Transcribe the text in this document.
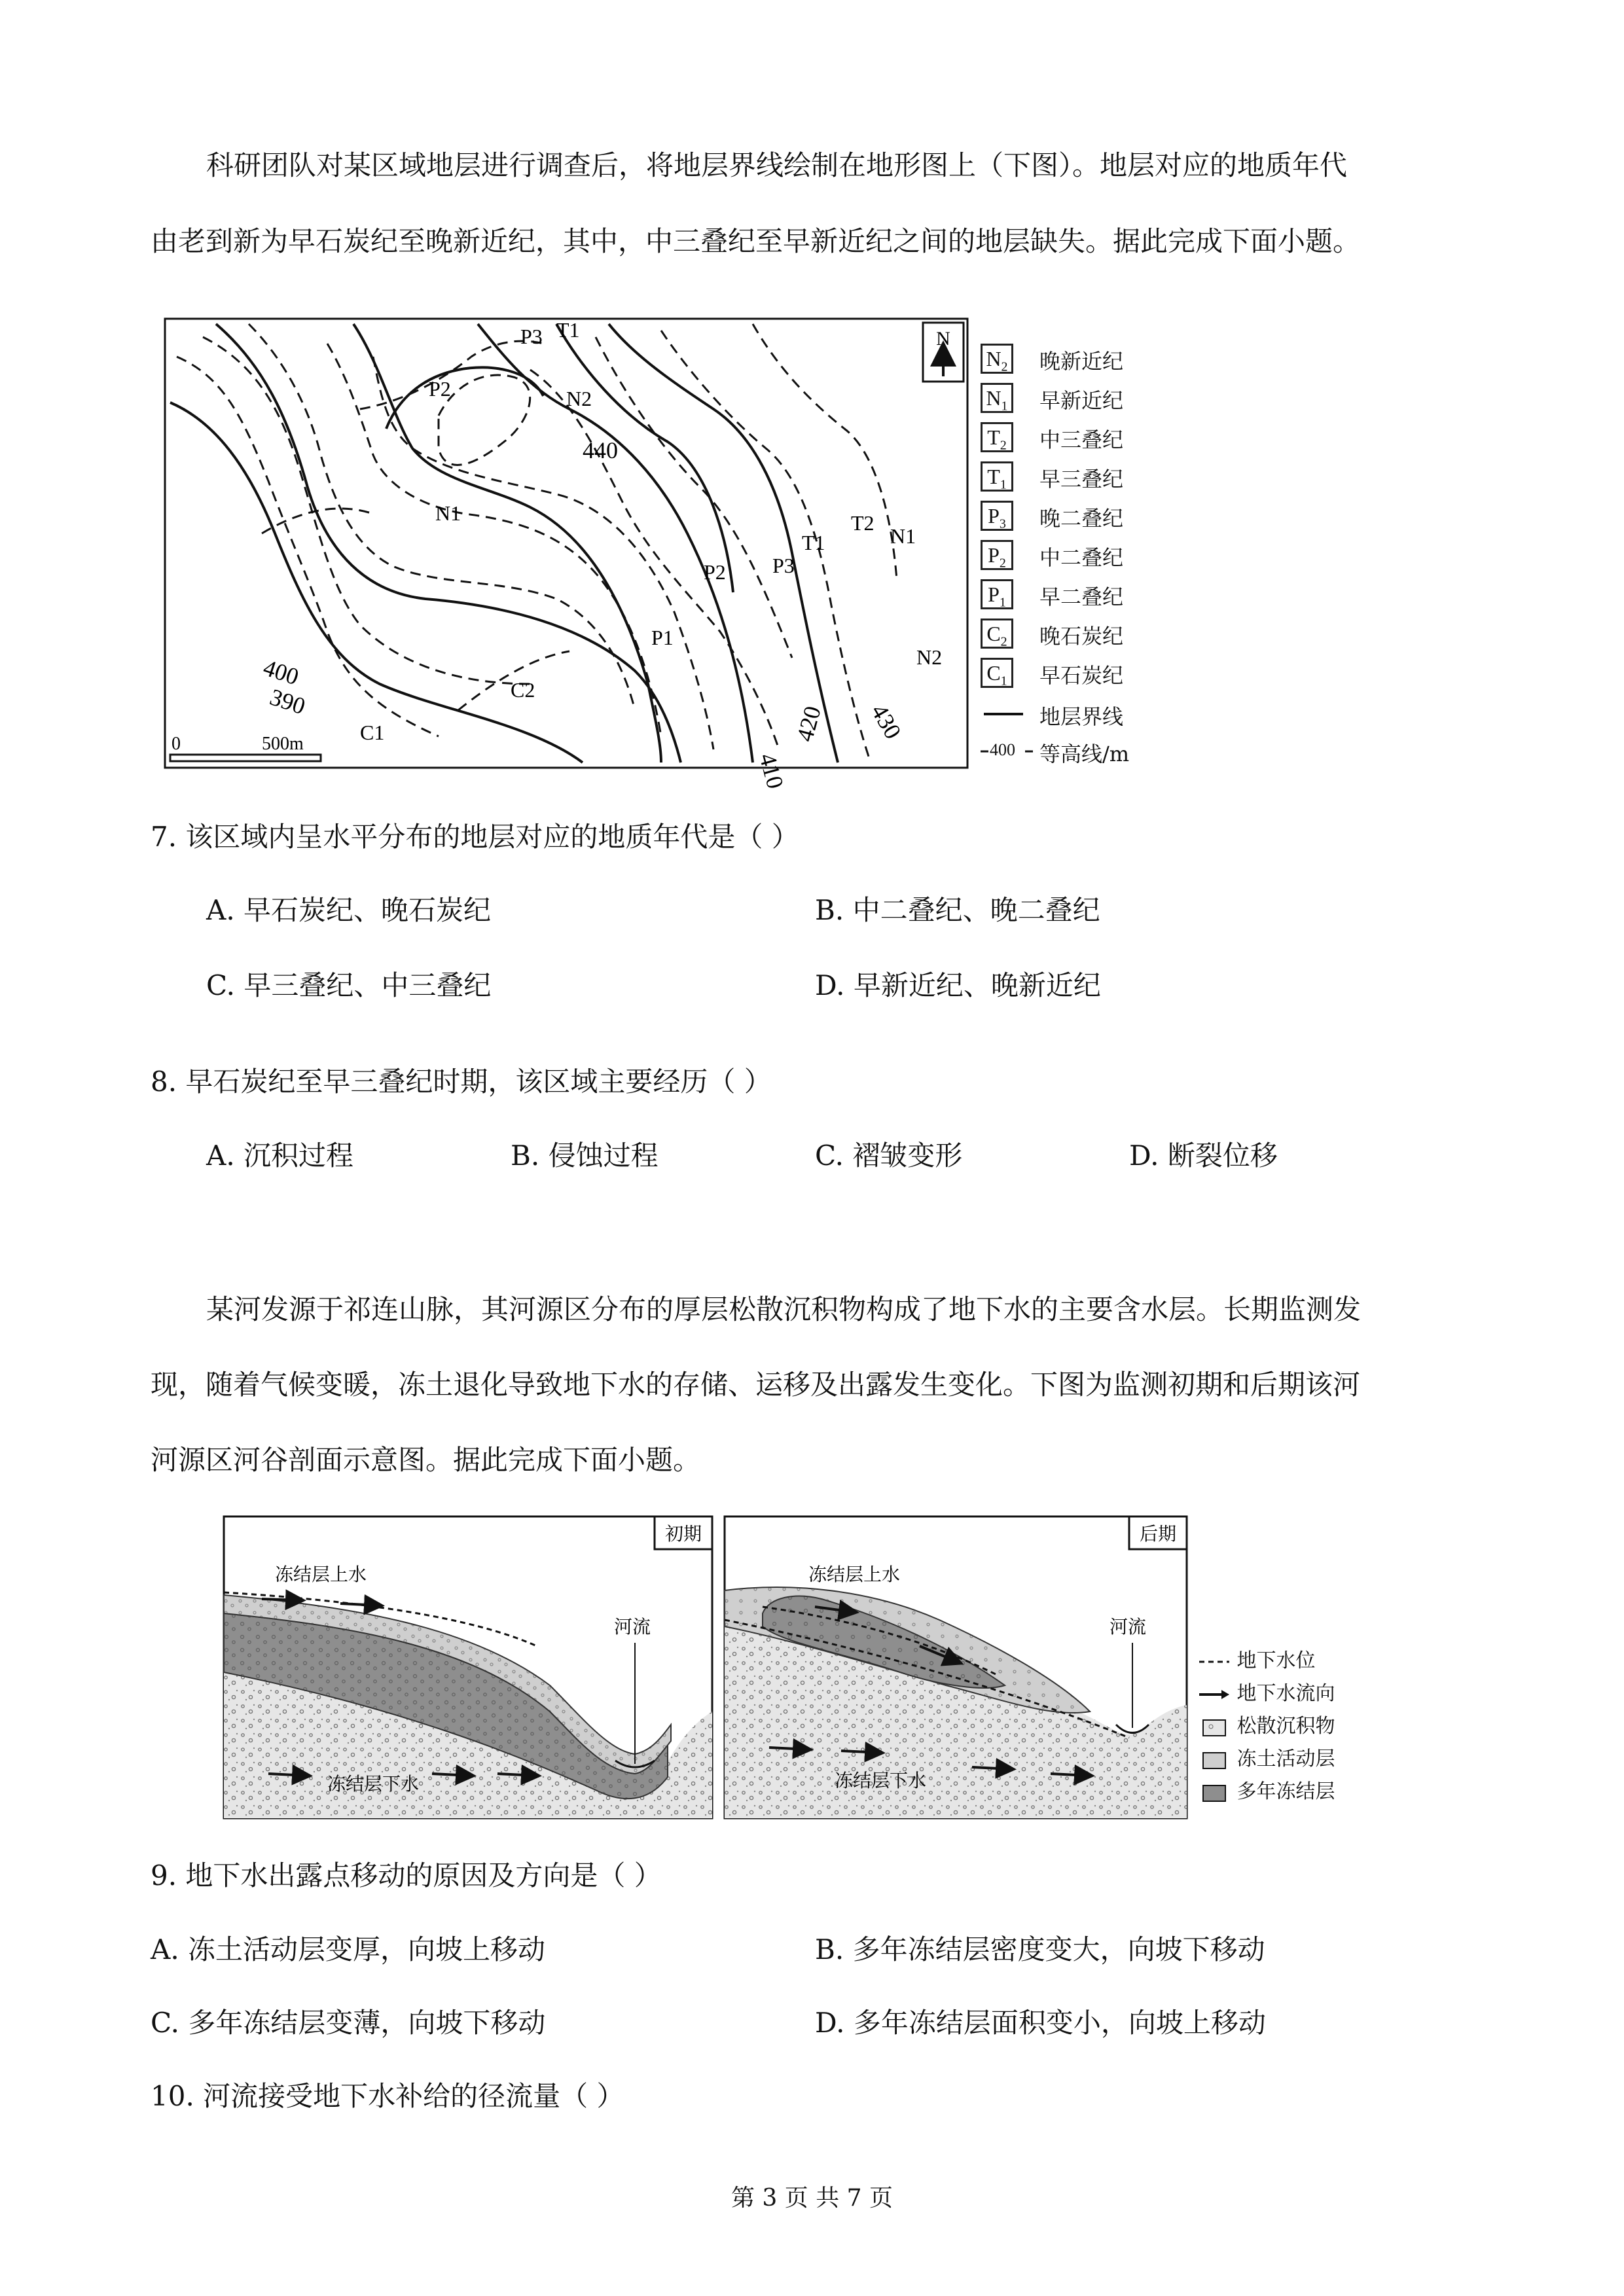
科研团队对某区域地层进行调查后，将地层界线绘制在地形图上（下图）。地层对应的地质年代
由老到新为早石炭纪至晚新近纪，其中，中三叠纪至早新近纪之间的地层缺失。据此完成下面小题。
N
390
400
410
420 430
440
P3 T1
P2	N2
N1	T2
N1
T1
P2 P3
P1
N2
C2
C1
0	500m
$N_2$ 晚新近纪
$N_1$ 早新近纪
$T_2$	中三叠纪
$T_1$	早三叠纪
$P_3$	晚二叠纪
$P_2$	中二叠纪
$P_1$	早二叠纪
$C_2$ 晚石炭纪
$C_1$ 早石炭纪
地层界线
400 等高线/m
7. 该区域内呈水平分布的地层对应的地质年代是（ ）
A. 早石炭纪、晚石炭纪	B. 中二叠纪、晚二叠纪
C. 早三叠纪、中三叠纪	D. 早新近纪、晚新近纪
8. 早石炭纪至早三叠纪时期，该区域主要经历（ ）
A. 沉积过程	B. 侵蚀过程	C. 褶皱变形	D. 断裂位移
某河发源于祁连山脉，其河源区分布的厚层松散沉积物构成了地下水的主要含水层。长期监测发
现，随着气候变暖，冻土退化导致地下水的存储、运移及出露发生变化。下图为监测初期和后期该河
河源区河谷剖面示意图。据此完成下面小题。
初期
冻结层上水
河流
冻结层下水
后期
冻结层上水
河流
冻结层下水
地下水位
地下水流向
松散沉积物
冻土活动层
多年冻结层
9. 地下水出露点移动的原因及方向是（ ）
A. 冻土活动层变厚，向坡上移动	B. 多年冻结层密度变大，向坡下移动
C. 多年冻结层变薄，向坡下移动	D. 多年冻结层面积变小，向坡上移动
10. 河流接受地下水补给的径流量（ ）
第 3 页 共 7 页
